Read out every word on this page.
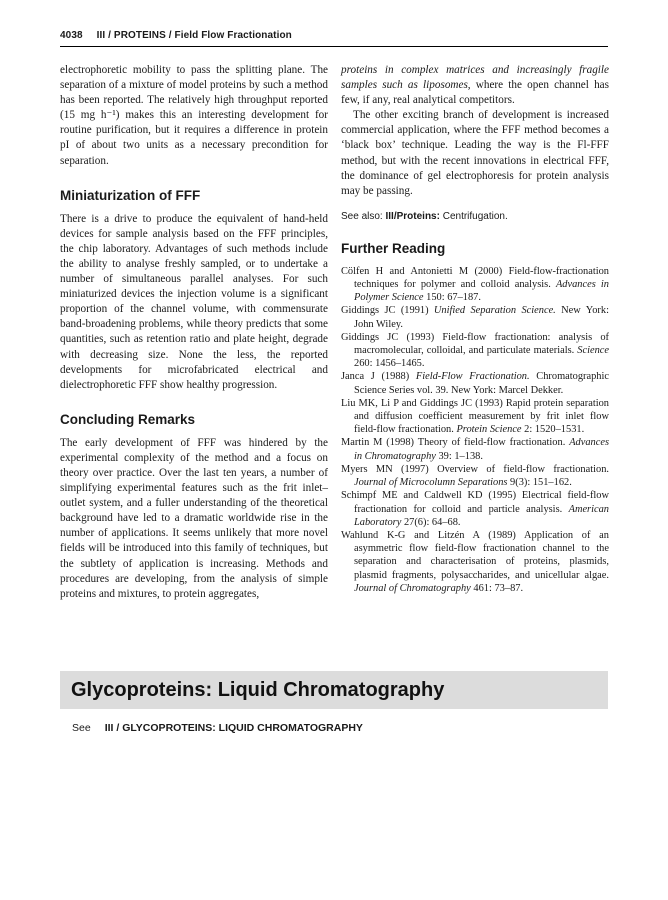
4038 III / PROTEINS / Field Flow Fractionation

electrophoretic mobility to pass the splitting plane. The separation of a mixture of model proteins by such a method has been reported. The relatively high throughput reported (15 mg h⁻¹) makes this an interesting development for routine purification, but it requires a difference in protein pI of about two units as a necessary precondition for separation.

Miniaturization of FFF

There is a drive to produce the equivalent of hand-held devices for sample analysis based on the FFF principles, the chip laboratory. Advantages of such methods include the ability to analyse freshly sampled, or to undertake a number of simultaneous parallel analyses. For such miniaturized devices the injection volume is a significant proportion of the channel volume, with commensurate band-broadening problems, while theory predicts that some quantities, such as retention ratio and plate height, degrade with decreasing size. None the less, the reported developments for microfabricated electrical and dielectrophoretic FFF show healthy progression.

Concluding Remarks

The early development of FFF was hindered by the experimental complexity of the method and a focus on theory over practice. Over the last ten years, a number of simplifying experimental features such as the frit inlet–outlet system, and a fuller understanding of the theoretical background have led to a dramatic worldwide rise in the number of applications. It seems unlikely that more novel fields will be introduced into this family of techniques, but the subtlety of application is increasing. Methods and procedures are developing, from the analysis of simple proteins and mixtures, to protein aggregates,

proteins in complex matrices and increasingly fragile samples such as liposomes, where the open channel has few, if any, real analytical competitors.

The other exciting branch of development is increased commercial application, where the FFF method becomes a ‘black box’ technique. Leading the way is the Fl-FFF method, but with the recent innovations in electrical FFF, the dominance of gel electrophoresis for protein analysis may be passing.

See also: III/Proteins: Centrifugation.

Further Reading
Cölfen H and Antonietti M (2000) Field-flow-fractionation techniques for polymer and colloid analysis. Advances in Polymer Science 150: 67–187.
Giddings JC (1991) Unified Separation Science. New York: John Wiley.
Giddings JC (1993) Field-flow fractionation: analysis of macromolecular, colloidal, and particulate materials. Science 260: 1456–1465.
Janca J (1988) Field-Flow Fractionation. Chromatographic Science Series vol. 39. New York: Marcel Dekker.
Liu MK, Li P and Giddings JC (1993) Rapid protein separation and diffusion coefficient measurement by frit inlet flow field-flow fractionation. Protein Science 2: 1520–1531.
Martin M (1998) Theory of field-flow fractionation. Advances in Chromatography 39: 1–138.
Myers MN (1997) Overview of field-flow fractionation. Journal of Microcolumn Separations 9(3): 151–162.
Schimpf ME and Caldwell KD (1995) Electrical field-flow fractionation for colloid and particle analysis. American Laboratory 27(6): 64–68.
Wahlund K-G and Litzén A (1989) Application of an asymmetric flow field-flow fractionation channel to the separation and characterisation of proteins, plasmids, plasmid fragments, polysaccharides, and unicellular algae. Journal of Chromatography 461: 73–87.
Glycoproteins: Liquid Chromatography
See III / GLYCOPROTEINS: LIQUID CHROMATOGRAPHY
